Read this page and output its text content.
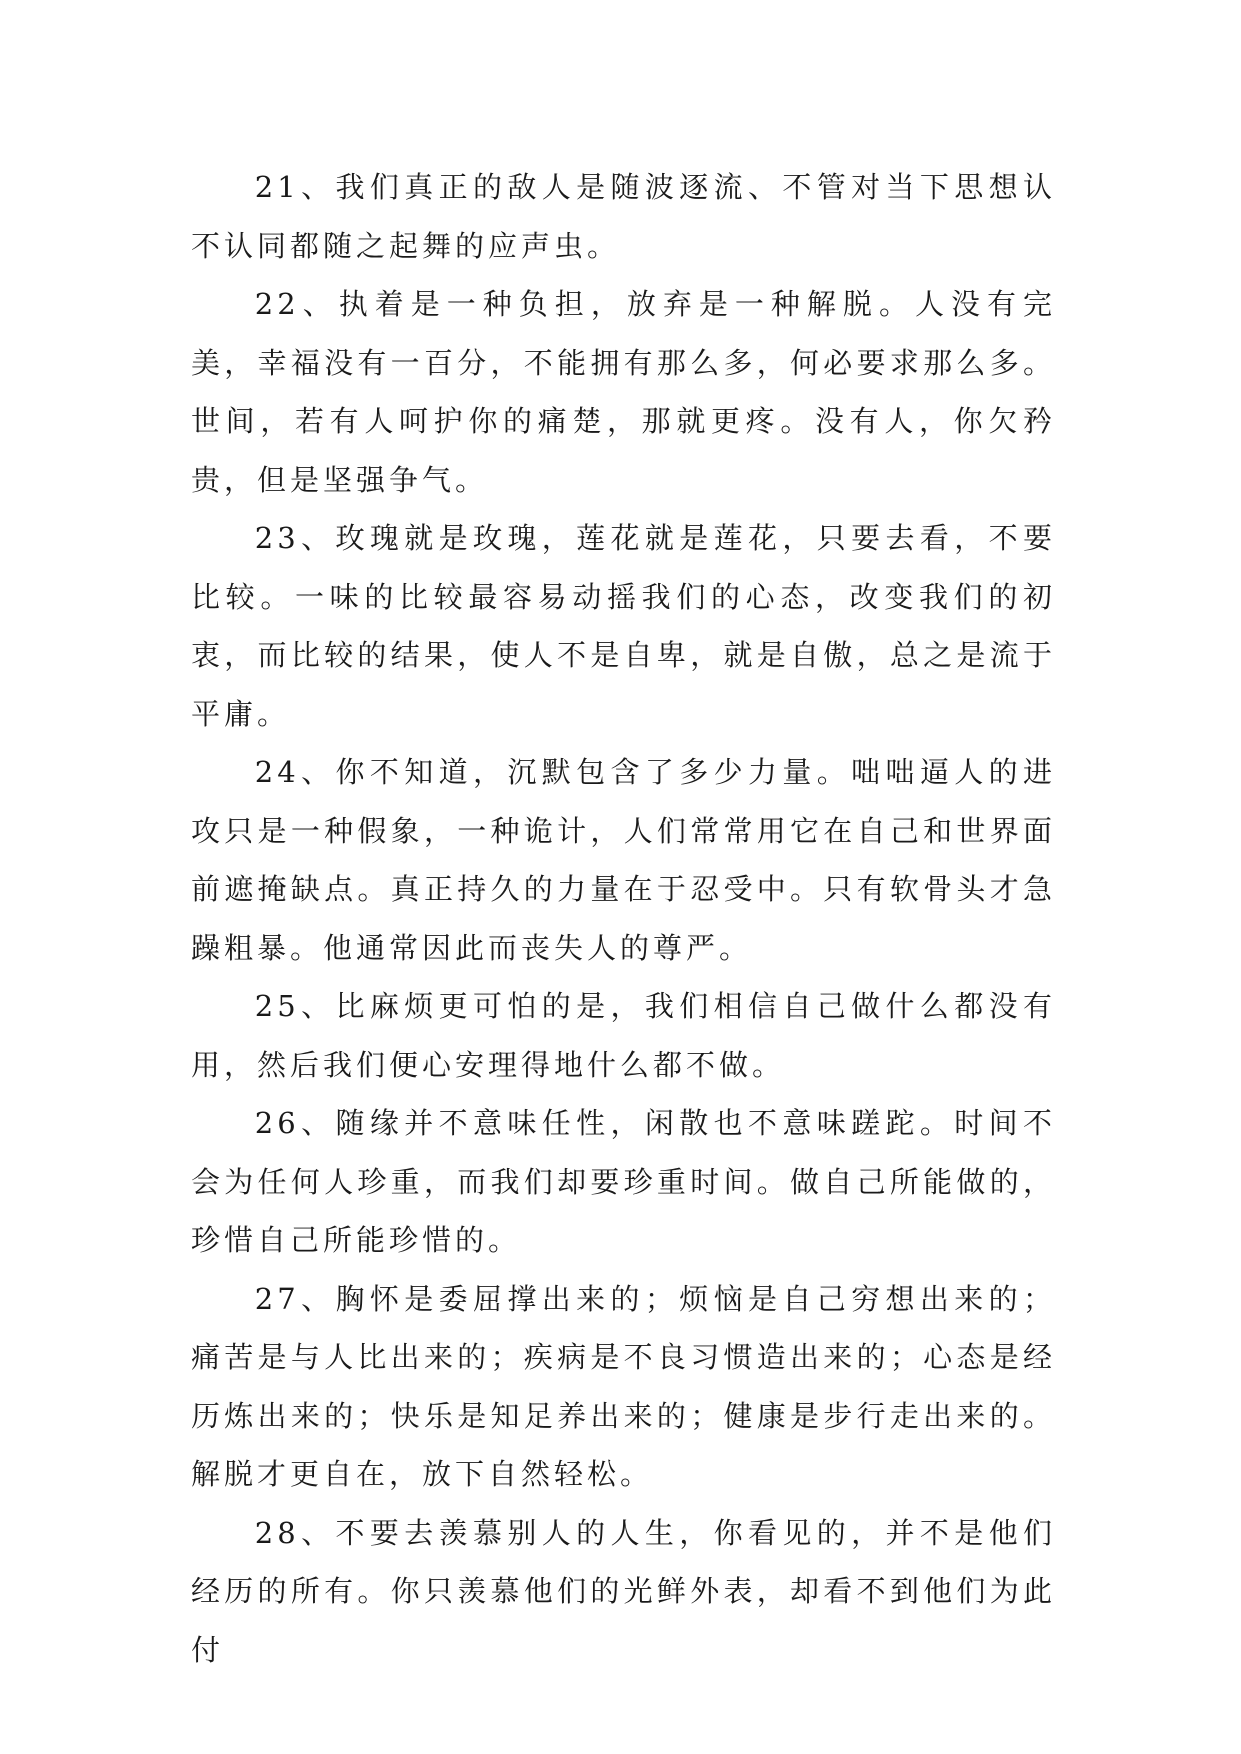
21、我们真正的敌人是随波逐流、不管对当下思想认不认同都随之起舞的应声虫。

22、执着是一种负担，放弃是一种解脱。人没有完美，幸福没有一百分，不能拥有那么多，何必要求那么多。世间，若有人呵护你的痛楚，那就更疼。没有人，你欠矜贵，但是坚强争气。

23、玫瑰就是玫瑰，莲花就是莲花，只要去看，不要比较。一味的比较最容易动摇我们的心态，改变我们的初衷，而比较的结果，使人不是自卑，就是自傲，总之是流于平庸。

24、你不知道，沉默包含了多少力量。咄咄逼人的进攻只是一种假象，一种诡计，人们常常用它在自己和世界面前遮掩缺点。真正持久的力量在于忍受中。只有软骨头才急躁粗暴。他通常因此而丧失人的尊严。

25、比麻烦更可怕的是，我们相信自己做什么都没有用，然后我们便心安理得地什么都不做。

26、随缘并不意味任性，闲散也不意味蹉跎。时间不会为任何人珍重，而我们却要珍重时间。做自己所能做的，珍惜自己所能珍惜的。

27、胸怀是委屈撑出来的；烦恼是自己穷想出来的；痛苦是与人比出来的；疾病是不良习惯造出来的；心态是经历炼出来的；快乐是知足养出来的；健康是步行走出来的。解脱才更自在，放下自然轻松。

28、不要去羡慕别人的人生，你看见的，并不是他们经历的所有。你只羡慕他们的光鲜外表，却看不到他们为此付
